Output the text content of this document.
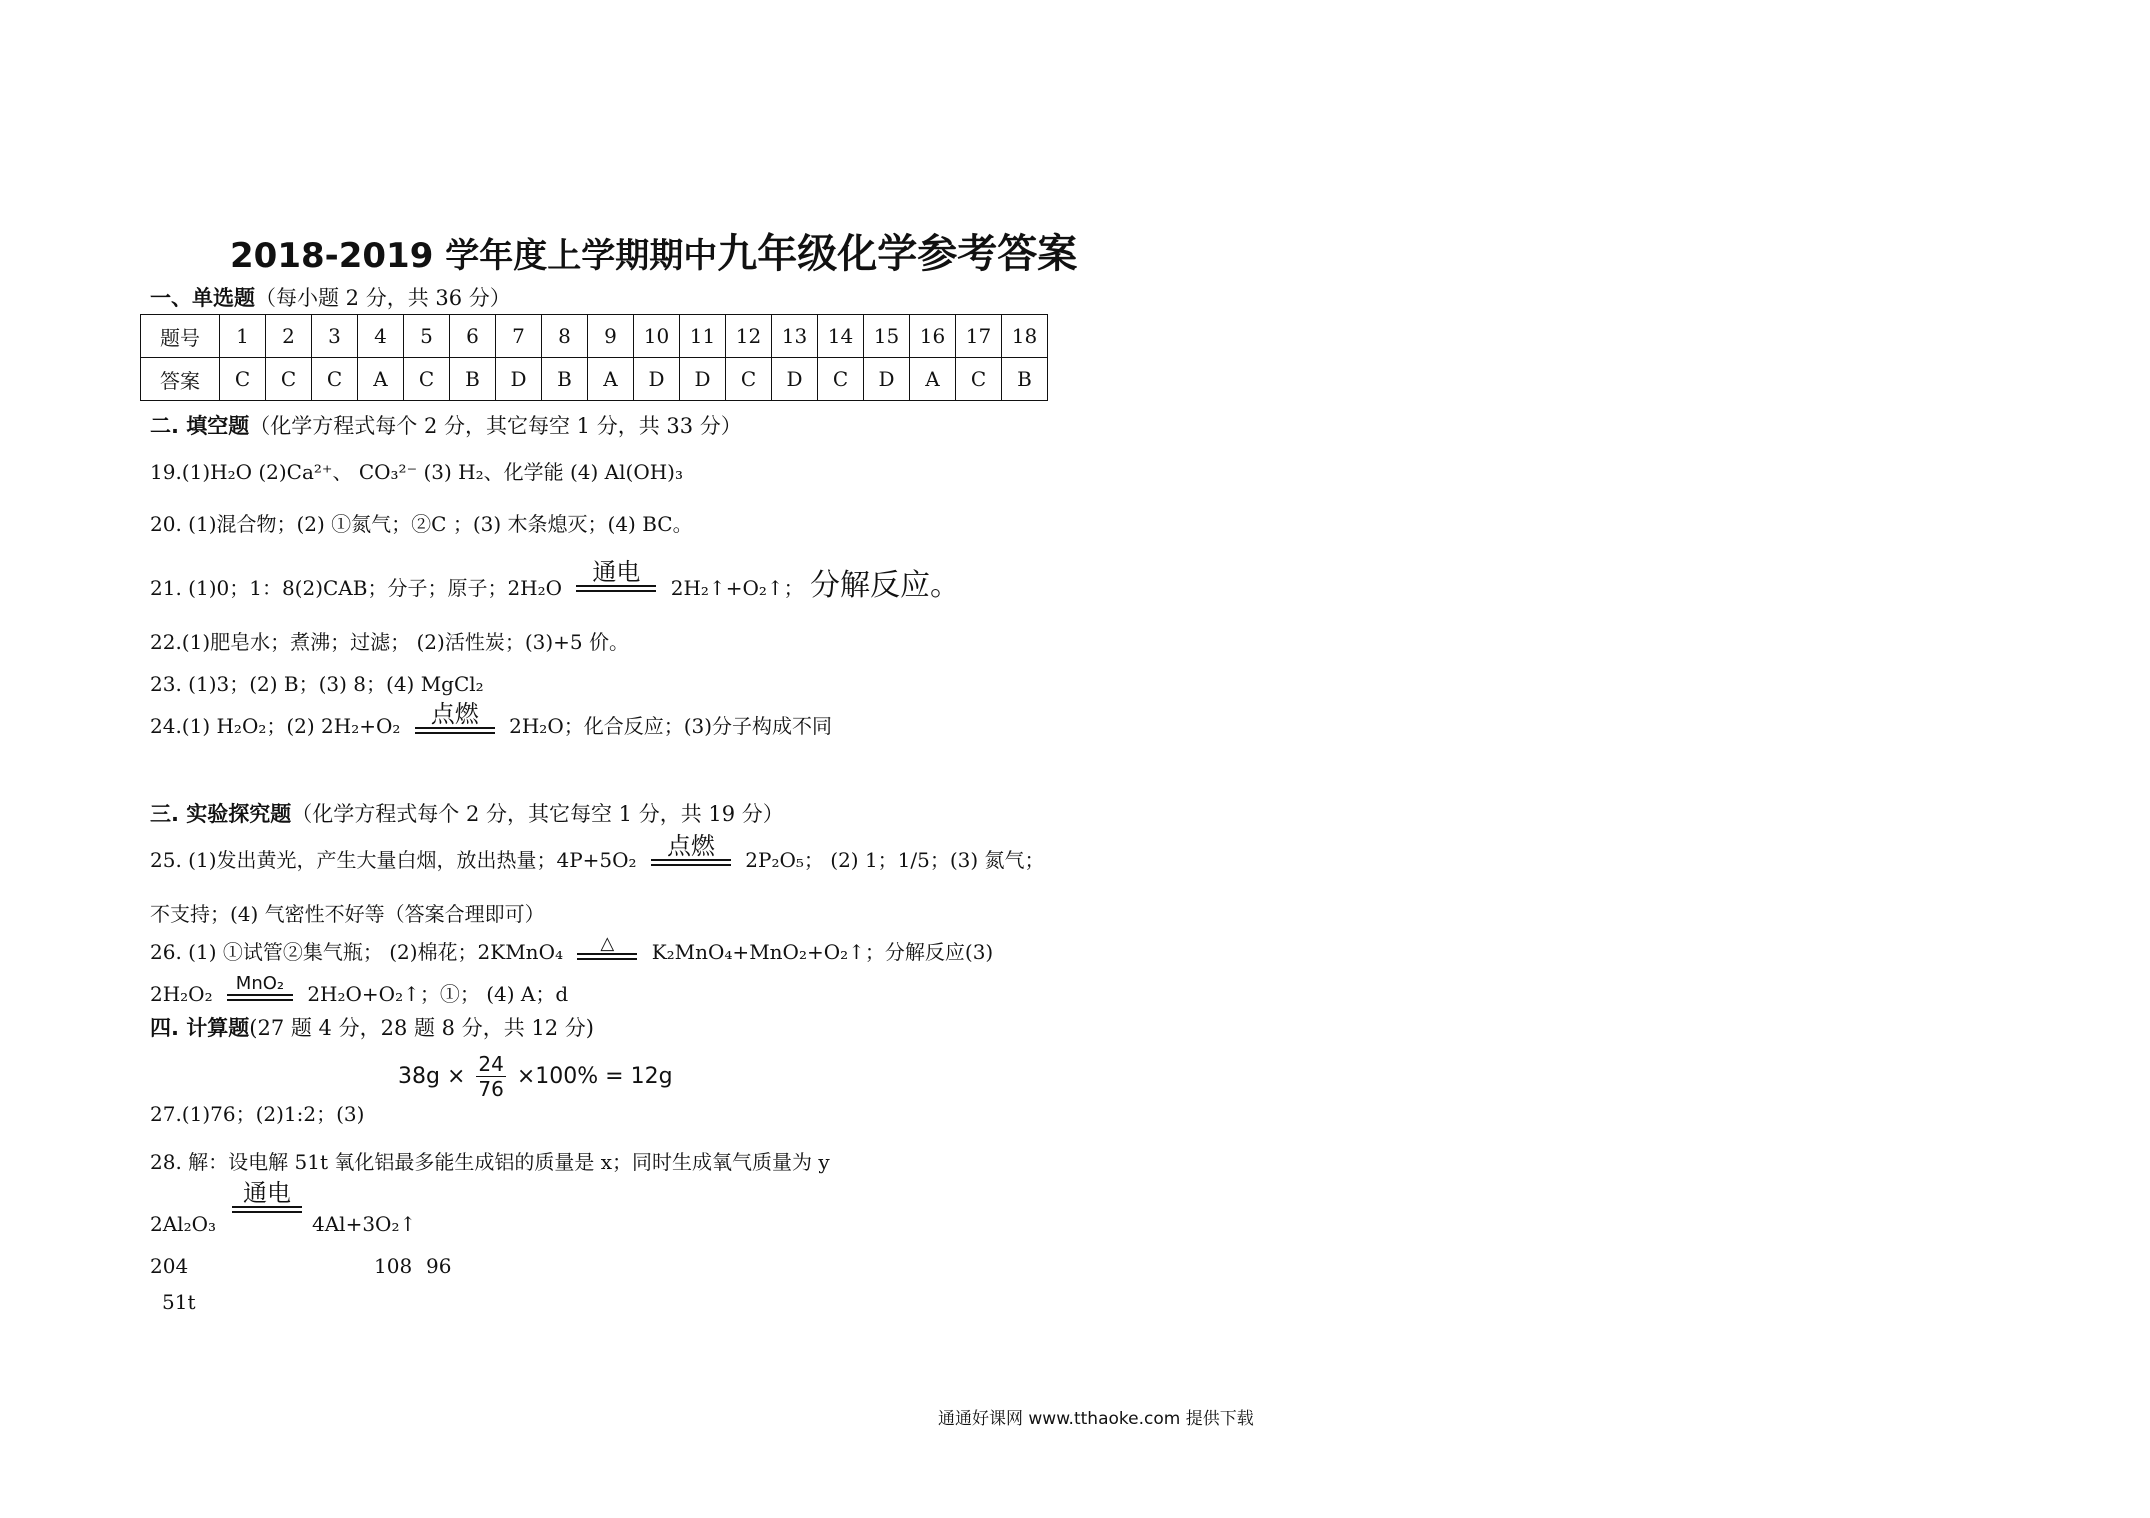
2018-2019 学年度上学期期中九年级化学参考答案
一、单选题（每小题 2 分，共 36 分）
题号	1	2	3	4	5	6	7	8	9	10	11	12	13	14	15	16	17	18
答案	C	C	C	A	C	B	D	B	A	D	D	C	D	C	D	A	C	B
二. 填空题（化学方程式每个 2 分，其它每空 1 分，共 33 分）
19.(1)H₂O (2)Ca²⁺、 CO₃²⁻ (3) H₂、化学能 (4) Al(OH)₃
20. (1)混合物；(2) ①氮气；②C ；(3) 木条熄灭；(4) BC。
21. (1)0；1：8(2)CAB；分子；原子；2H₂O
通电
2H₂↑+O₂↑； 分解反应。
22.(1)肥皂水；煮沸；过滤； (2)活性炭；(3)+5 价。
23. (1)3；(2) B；(3) 8；(4) MgCl₂
24.(1) H₂O₂；(2) 2H₂+O₂	点燃	2H₂O；化合反应；(3)分子构成不同
三. 实验探究题（化学方程式每个 2 分，其它每空 1 分，共 19 分）
25. (1)发出黄光，产生大量白烟，放出热量；4P+5O₂	点燃	2P₂O₅； (2) 1；1/5；(3) 氮气；
不支持；(4) 气密性不好等（答案合理即可）
26. (1) ①试管②集气瓶； (2)棉花；2KMnO₄	△	K₂MnO₄+MnO₂+O₂↑；分解反应(3)
2H₂O₂	MnO₂	2H₂O+O₂↑；①； (4) A；d
四. 计算题(27 题 4 分，28 题 8 分，共 12 分)
27.(1)76；(2)1:2；(3)
$38g \times \frac{24}{76} \times 100\% = 12g$
28. 解：设电解 51t 氧化铝最多能生成铝的质量是 x；同时生成氧气质量为 y
2Al₂O₃
通电
4Al+3O₂↑
204	108 96
51t
通通好课网 www.tthaoke.com 提供下载
